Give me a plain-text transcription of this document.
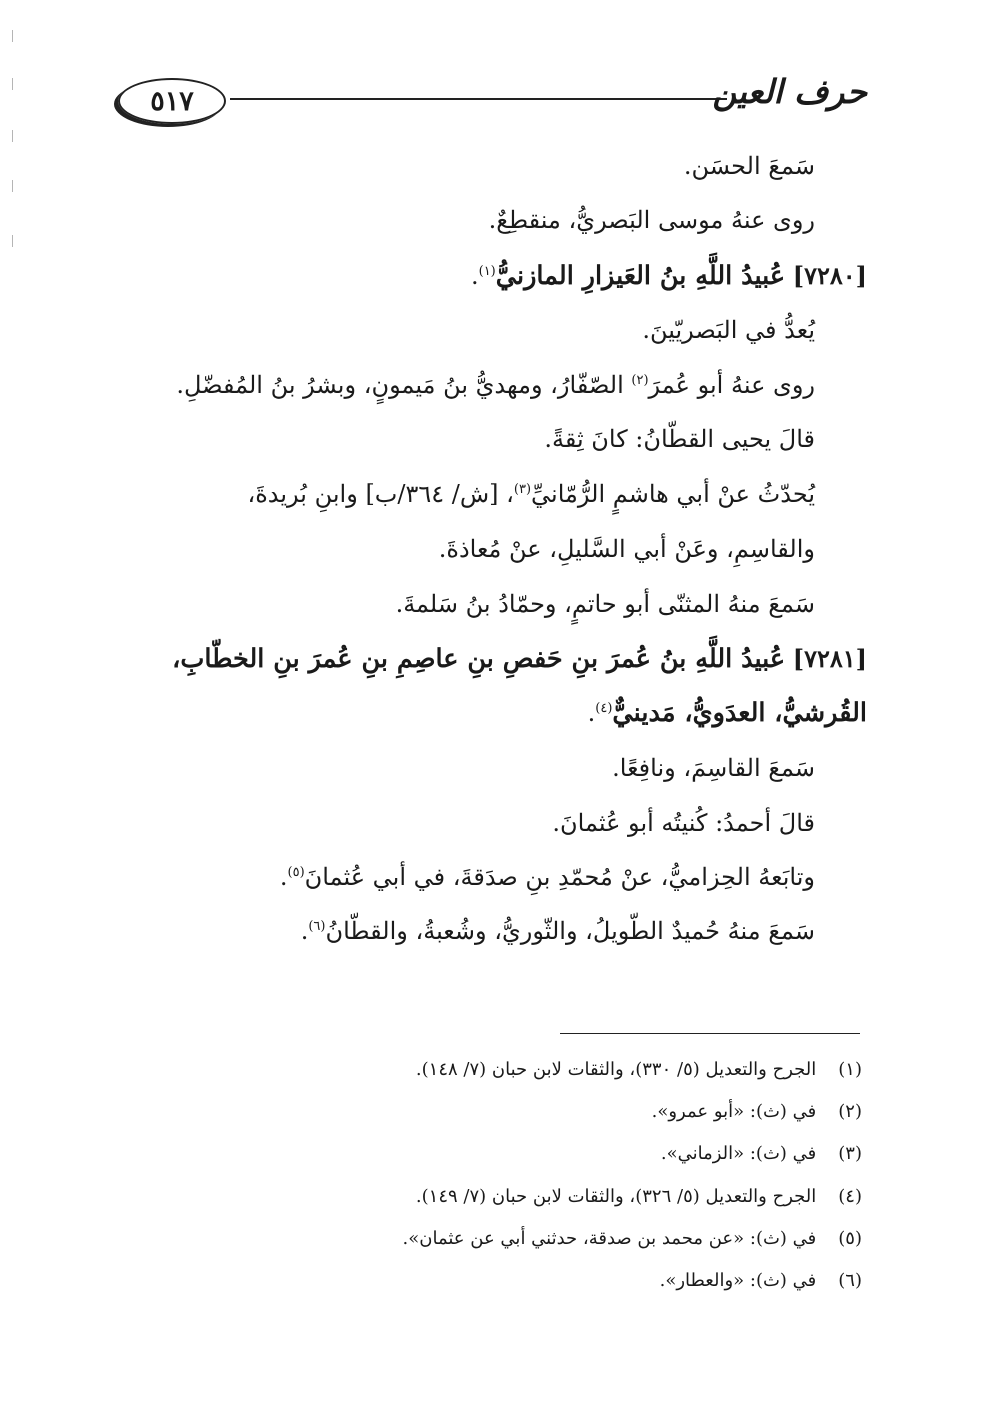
٥١٧	حرف العين

سَمعَ الحسَن.

روى عنهُ موسى البَصريُّ، منقطِعٌ.

[٧٢٨٠] عُبيدُ اللَّهِ بنُ العَيزارِ المازنيُّ$^{(١)}$.

يُعدُّ في البَصريّينَ.

روى عنهُ أبو عُمرَ$^{(٢)}$ الصّفّارُ، ومهديُّ بنُ مَيمونٍ، وبشرُ بنُ المُفضّلِ.

قالَ يحيى القطّانُ: كانَ ثِقةً.

يُحدّثُ عنْ أبي هاشمٍ الرُّمّانيِّ$^{(٣)}$، [ش/ ٣٦٤/ب] وابنِ بُريدةَ، والقاسِمِ، وعَنْ أبي السَّليلِ، عنْ مُعاذةَ.

سَمعَ منهُ المثنّى أبو حاتمٍ، وحمّادُ بنُ سَلمةَ.

[٧٢٨١] عُبيدُ اللَّهِ بنُ عُمرَ بنِ حَفصِ بنِ عاصِمِ بنِ عُمرَ بنِ الخطّابِ، القُرشيُّ، العدَويُّ، مَدينيٌّ$^{(٤)}$.

سَمعَ القاسِمَ، ونافِعًا.

قالَ أحمدُ: كُنيتُه أبو عُثمانَ.

وتابَعهُ الحِزاميُّ، عنْ مُحمّدِ بنِ صدَقةَ، في أبي عُثمانَ$^{(٥)}$.

سَمعَ منهُ حُميدٌ الطّويلُ، والثّوريُّ، وشُعبةُ، والقطّانُ$^{(٦)}$.

(١) الجرح والتعديل (٥/ ٣٣٠)، والثقات لابن حبان (٧/ ١٤٨).

(٢) في (ث): «أبو عمرو».

(٣) في (ث): «الزماني».

(٤) الجرح والتعديل (٥/ ٣٢٦)، والثقات لابن حبان (٧/ ١٤٩).

(٥) في (ث): «عن محمد بن صدقة، حدثني أبي عن عثمان».

(٦) في (ث): «والعطار».
